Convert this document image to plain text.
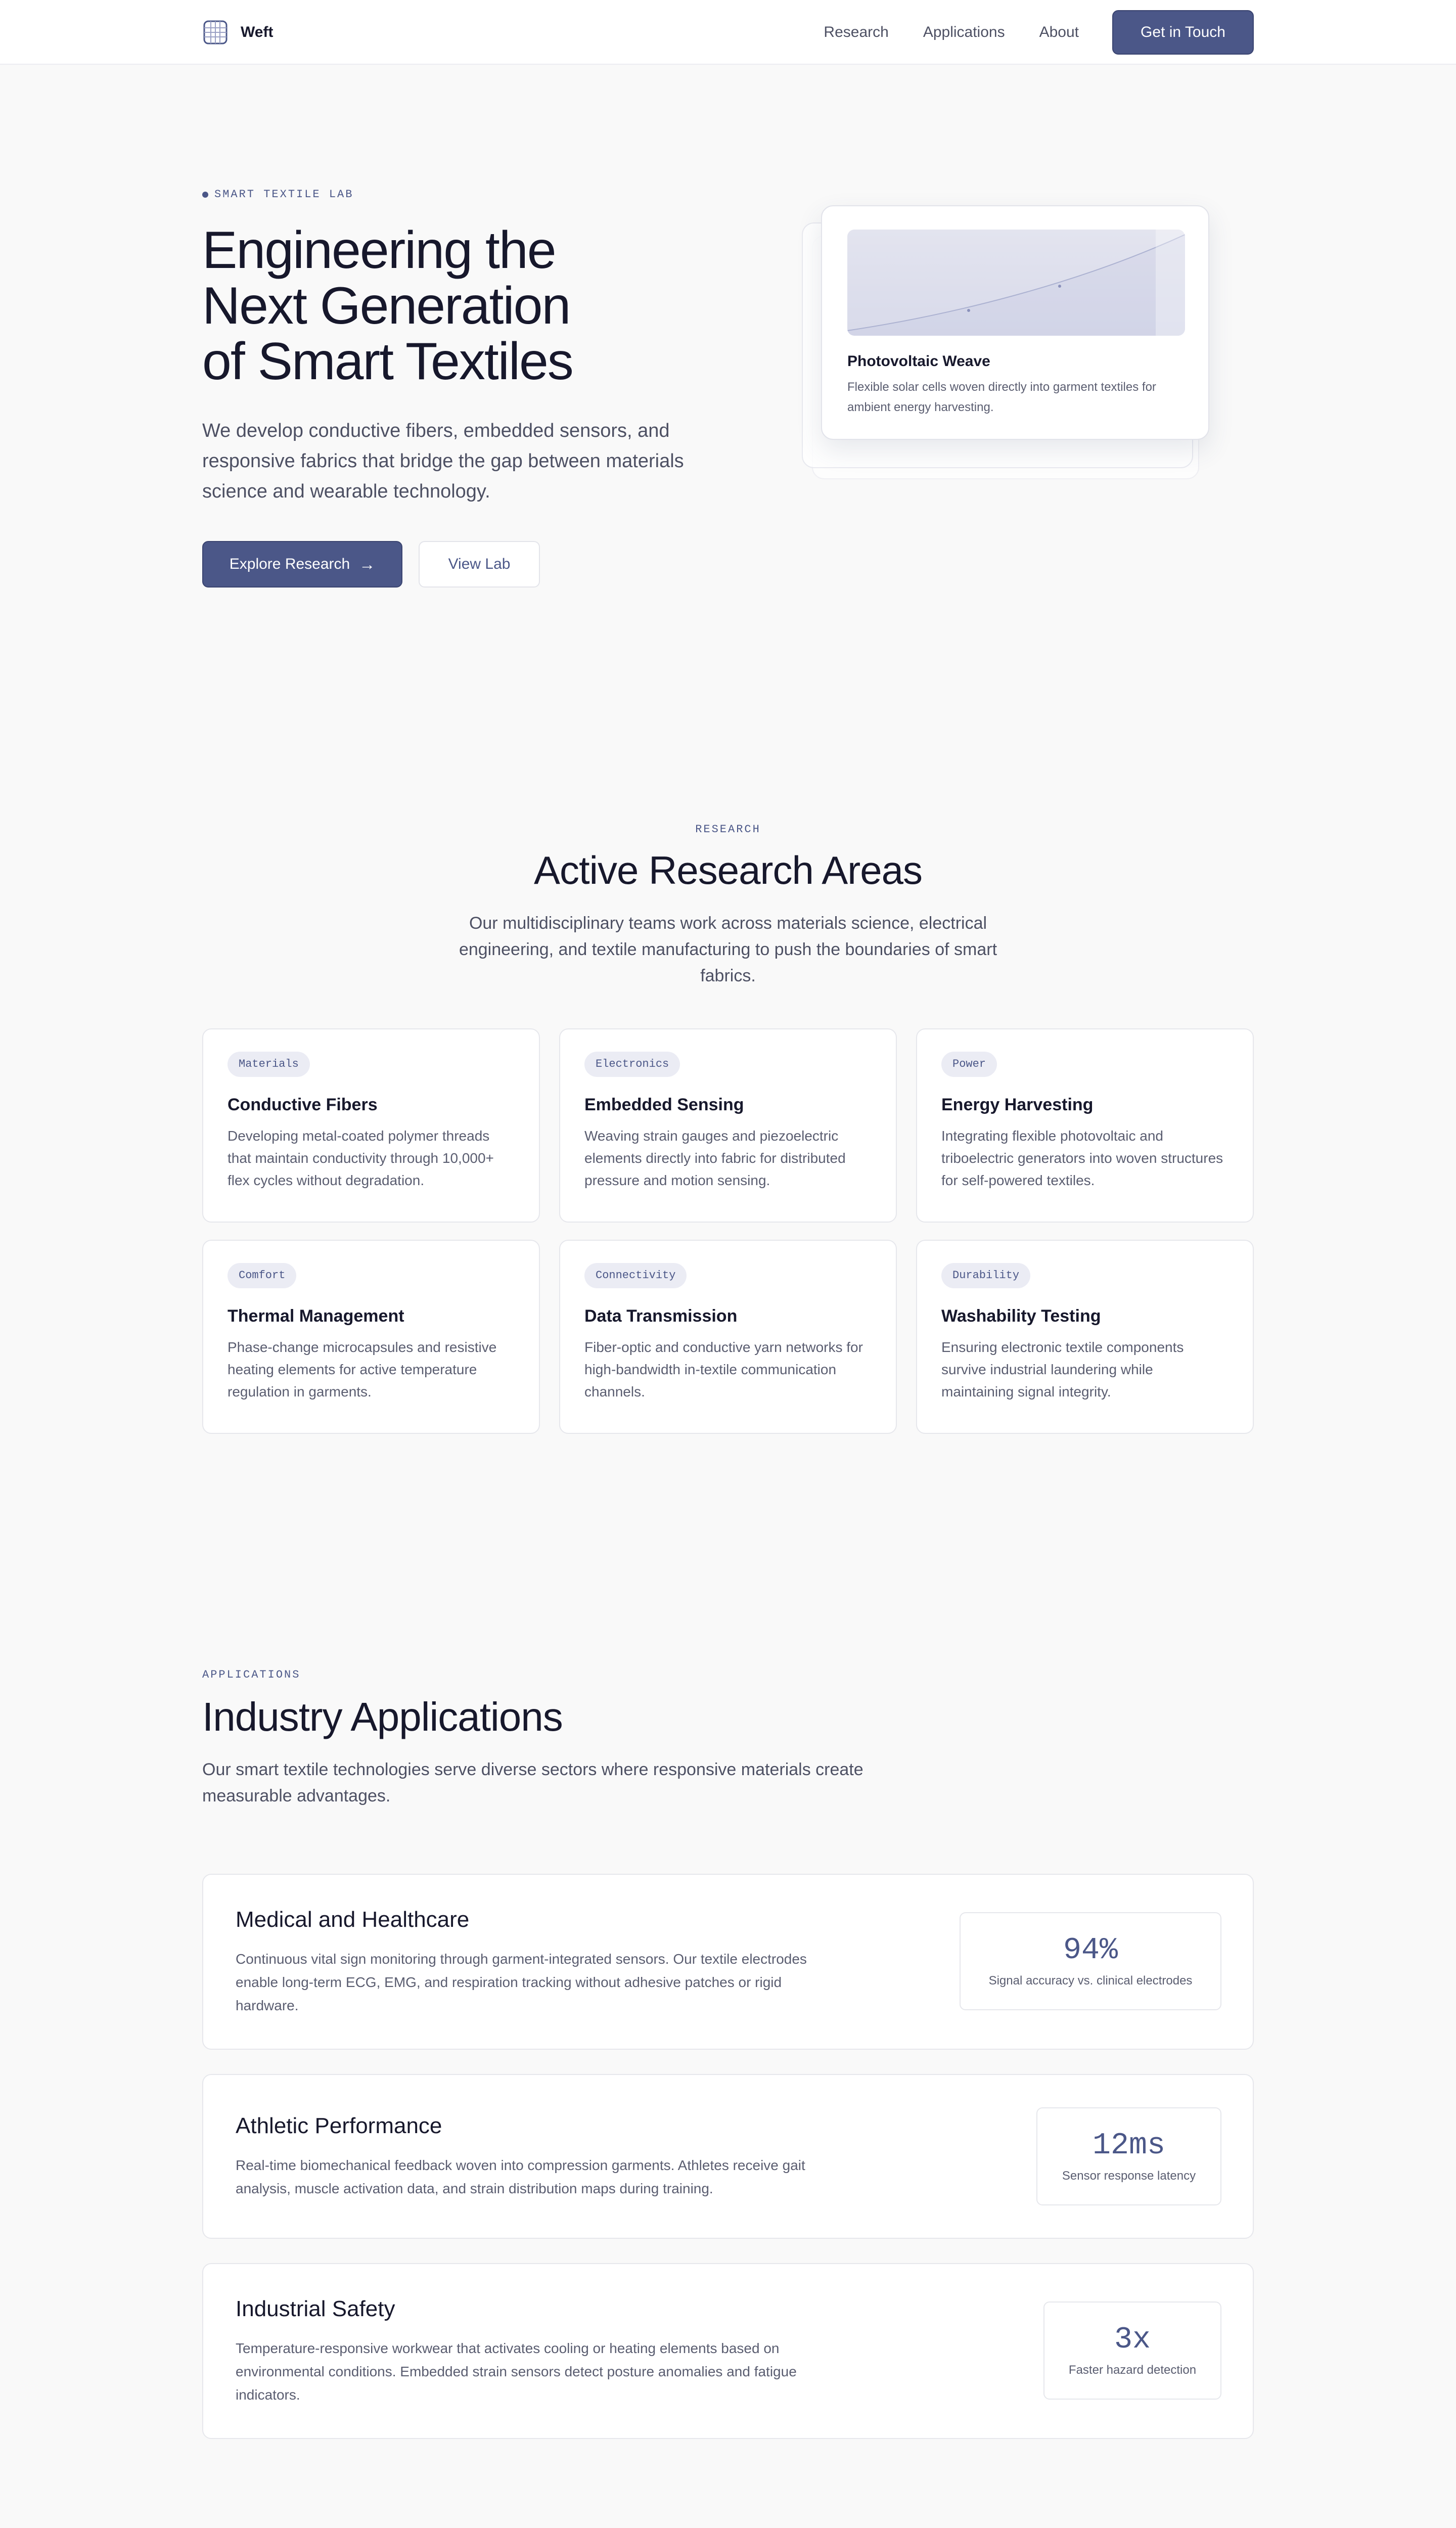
Weft	Research Applications About	Get in Touch
SMART TEXTILE LAB
Engineering the
Next Generation
of Smart Textiles

We develop conductive fibers, embedded sensors, and responsive fabrics that bridge the gap between materials science and wearable technology.

Explore Research →	View Lab
Photovoltaic Weave
Flexible solar cells woven directly into garment textiles for ambient energy harvesting.
RESEARCH
Active Research Areas

Our multidisciplinary teams work across materials science, electrical engineering, and textile manufacturing to push the boundaries of smart fabrics.

Materials
Conductive Fibers
Developing metal-coated polymer threads that maintain conductivity through 10,000+ flex cycles without degradation.
Electronics
Embedded Sensing
Weaving strain gauges and piezoelectric elements directly into fabric for distributed pressure and motion sensing.
Power
Energy Harvesting
Integrating flexible photovoltaic and triboelectric generators into woven structures for self-powered textiles.
Comfort
Thermal Management
Phase-change microcapsules and resistive heating elements for active temperature regulation in garments.
Connectivity
Data Transmission
Fiber-optic and conductive yarn networks for high-bandwidth in-textile communication channels.
Durability
Washability Testing
Ensuring electronic textile components survive industrial laundering while maintaining signal integrity.
APPLICATIONS
Industry Applications

Our smart textile technologies serve diverse sectors where responsive materials create measurable advantages.

Medical and Healthcare
Continuous vital sign monitoring through garment-integrated sensors. Our textile electrodes enable long-term ECG, EMG, and respiration tracking without adhesive patches or rigid hardware.
94%
Signal accuracy vs. clinical electrodes
Athletic Performance
Real-time biomechanical feedback woven into compression garments. Athletes receive gait analysis, muscle activation data, and strain distribution maps during training.
12ms
Sensor response latency
Industrial Safety
Temperature-responsive workwear that activates cooling or heating elements based on environmental conditions. Embedded strain sensors detect posture anomalies and fatigue indicators.
3x
Faster hazard detection
